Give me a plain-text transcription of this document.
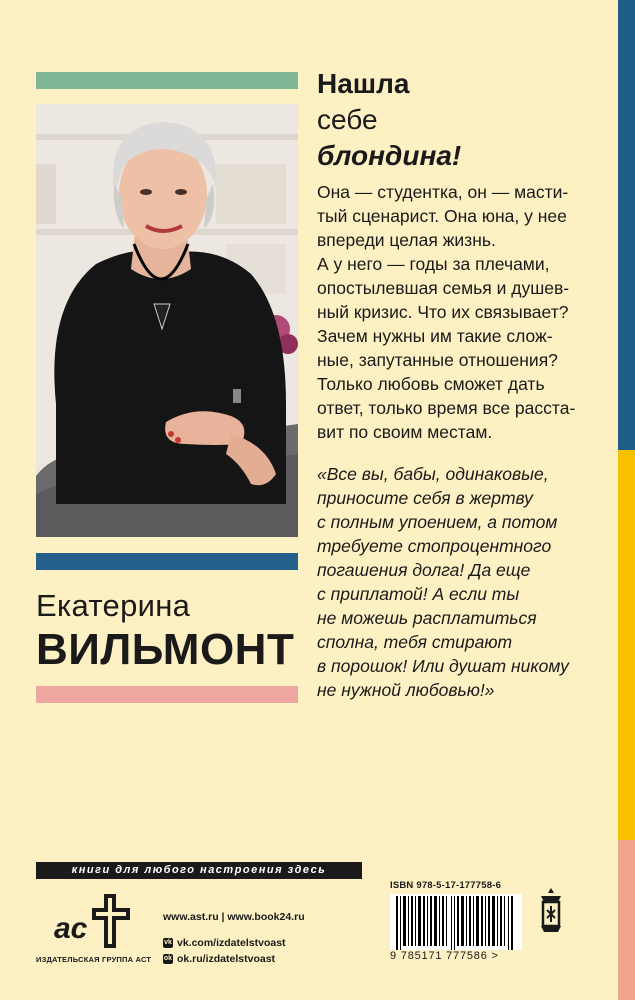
Нашла
себе
блондина!

Она — студентка, он — масти-

тый сценарист. Она юна, у нее

впереди целая жизнь.

А у него — годы за плечами,

опостылевшая семья и душев-

ный кризис. Что их связывает?

Зачем нужны им такие слож-

ные, запутанные отношения?

Только любовь сможет дать

ответ, только время все расста-

вит по своим местам.

«Все вы, бабы, одинаковые,

приносите себя в жертву

с полным упоением, а потом

требуете стопроцентного

погашения долга! Да еще

с приплатой! А если ты

не можешь расплатиться

сполна, тебя стирают

в порошок! Или душат никому

не нужной любовью!»

Екатерина
ВИЛЬМОНТ
книги для любого настроения здесь
ас
ИЗДАТЕЛЬСКАЯ ГРУППА АСТ
www.ast.ru | www.book24.ru
vk vk.com/izdatelstvoast
ok ok.ru/izdatelstvoast
ISBN 978-5-17-177758-6
9 785171 777586 >
